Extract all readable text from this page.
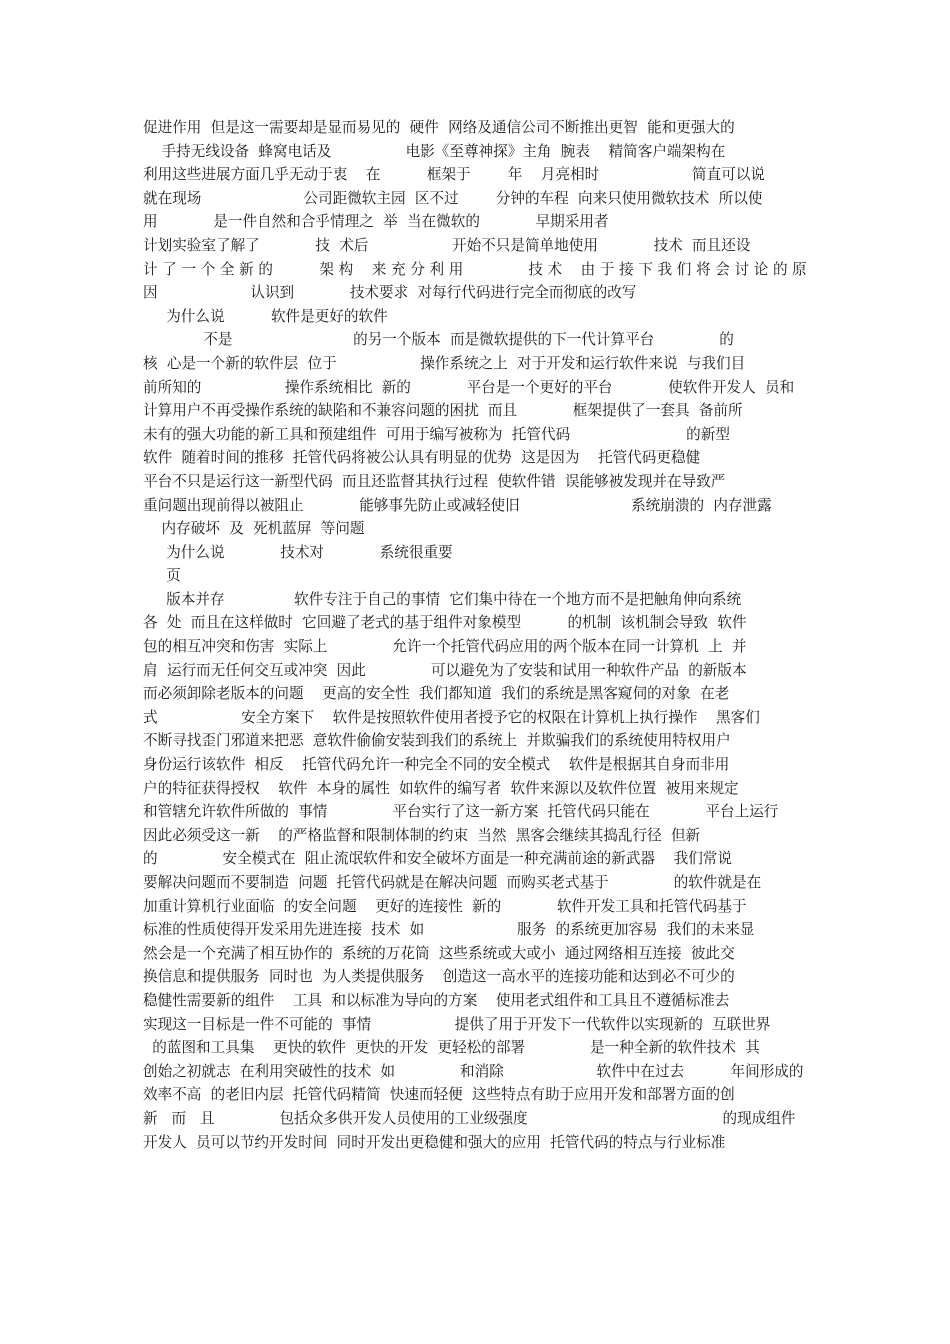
促进作用  但是这一需要却是显而易见的  硬件  网络及通信公司不断推出更智  能和更强大的
手持无线设备  蜂窝电话及                电影《至尊神探》主角  腕表    精简客户端架构在
利用这些进展方面几乎无动于衷    在          框架于        年    月亮相时                    简直可以说
就在现场                      公司距微软主园  区不过        分钟的车程  向来只使用微软技术  所以使
用            是一件自然和合乎情理之  举  当在微软的            早期采用者
计划实验室了解了            技  术后                  开始不只是简单地使用            技术  而且还设
计 了 一 个 全 新 的          架 构    来 充 分 利 用              技 术    由 于 接 下 我 们 将 会 讨 论 的 原
因                    认识到            技术要求  对每行代码进行完全而彻底的改写
为什么说          软件是更好的软件
不是                          的另一个版本  而是微软提供的下一代计算平台              的
核  心是一个新的软件层  位于                  操作系统之上  对于开发和运行软件来说  与我们目
前所知的                  操作系统相比  新的            平台是一个更好的平台            使软件开发人  员和
计算用户不再受操作系统的缺陷和不兼容问题的困扰  而且            框架提供了一套具  备前所
未有的强大功能的新工具和预建组件  可用于编写被称为  托管代码                         的新型
软件  随着时间的推移  托管代码将被公认具有明显的优势  这是因为    托管代码更稳健
平台不只是运行这一新型代码  而且还监督其执行过程  使软件错  误能够被发现并在导致严
重问题出现前得以被阻止            能够事先防止或减轻使旧                        系统崩溃的  内存泄露
内存破坏  及  死机蓝屏  等问题
为什么说            技术对            系统很重要
页
版本并存               软件专注于自己的事情  它们集中待在一个地方而不是把触角伸向系统
各  处  而且在这样做时  它回避了老式的基于组件对象模型          的机制  该机制会导致  软件
包的相互冲突和伤害  实际上              允许一个托管代码应用的两个版本在同一计算机  上  并
肩  运行而无任何交互或冲突  因此              可以避免为了安装和试用一种软件产品  的新版本
而必须卸除老版本的问题    更高的安全性  我们都知道  我们的系统是黑客窥伺的对象  在老
式                  安全方案下    软件是按照软件使用者授予它的权限在计算机上执行操作    黑客们
不断寻找歪门邪道来把恶  意软件偷偷安装到我们的系统上  并欺骗我们的系统使用特权用户
身份运行该软件  相反    托管代码允许一种完全不同的安全模式    软件是根据其自身而非用
户的特征获得授权    软件  本身的属性  如软件的编写者  软件来源以及软件位置  被用来规定
和管辖允许软件所做的  事情              平台实行了这一新方案  托管代码只能在            平台上运行
因此必须受这一新    的严格监督和限制体制的约束  当然  黑客会继续其捣乱行径  但新
的              安全模式在  阻止流氓软件和安全破坏方面是一种充满前途的新武器    我们常说
要解决问题而不要制造  问题  托管代码就是在解决问题  而购买老式基于              的软件就是在
加重计算机行业面临  的安全问题    更好的连接性  新的            软件开发工具和托管代码基于
标准的性质使得开发采用先进连接  技术  如                    服务  的系统更加容易  我们的未来显
然会是一个充满了相互协作的  系统的万花筒  这些系统或大或小  通过网络相互连接  彼此交
换信息和提供服务  同时也  为人类提供服务    创造这一高水平的连接功能和达到必不可少的
稳健性需要新的组件    工具  和以标准为导向的方案    使用老式组件和工具且不遵循标准去
实现这一目标是一件不可能的  事情                  提供了用于开发下一代软件以实现新的  互联世界
的蓝图和工具集    更快的软件  更快的开发  更轻松的部署              是一种全新的软件技术  其
创始之初就志  在利用突破性的技术  如              和消除                    软件中在过去          年间形成的
效率不高  的老旧内层  托管代码精简  快速而轻便  这些特点有助于应用开发和部署方面的创
新   而   且              包括众多供开发人员使用的工业级强度                                          的现成组件
开发人  员可以节约开发时间  同时开发出更稳健和强大的应用  托管代码的特点与行业标准
